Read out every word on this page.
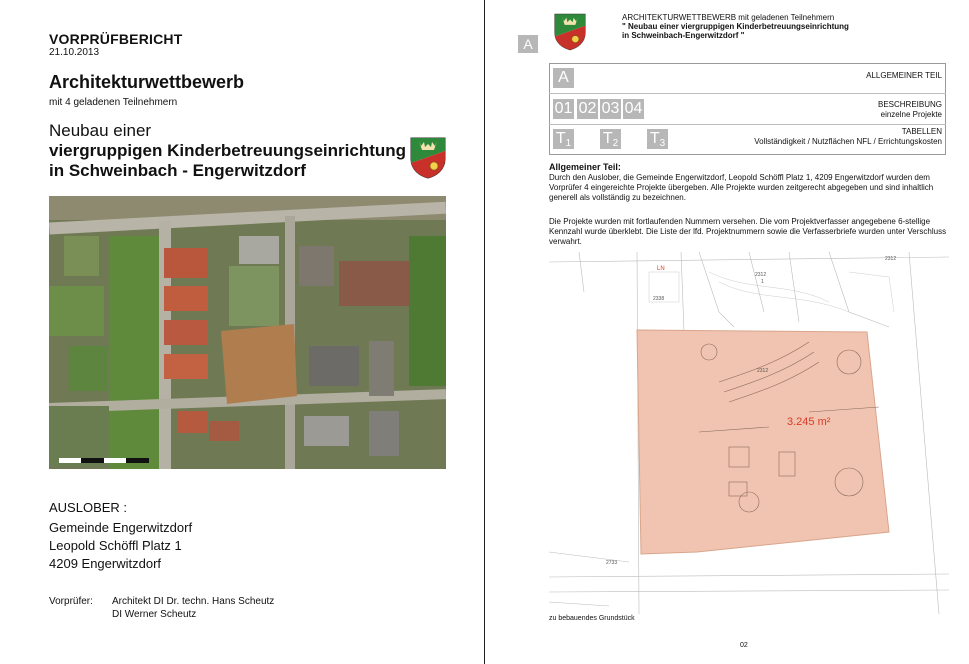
VORPRÜFBERICHT
21.10.2013
Architekturwettbewerb
mit 4 geladenen Teilnehmern
Neubau einer
viergruppigen Kinderbetreuungseinrichtung
in Schweinbach - Engerwitzdorf
AUSLOBER :
Gemeinde Engerwitzdorf
Leopold Schöffl Platz 1
4209 Engerwitzdorf
Vorprüfer: Architekt DI Dr. techn. Hans Scheutz
DI Werner Scheutz
A
ARCHITEKTURWETTBEWERB mit geladenen Teilnehmern
" Neubau einer viergruppigen Kinderbetreuungseinrichtung
in Schweinbach-Engerwitzdorf "
A
01 02 03 04
$T_1$ $T_2$ $T_3$
ALLGEMEINER TEIL
BESCHREIBUNG
einzelne Projekte
TABELLEN
Vollständigkeit / Nutzflächen NFL / Errichtungskosten
Allgemeiner Teil:
Durch den Auslober, die Gemeinde Engerwitzdorf, Leopold Schöffl Platz 1, 4209 Engerwitzdorf wurden dem Vorprüfer 4 eingereichte Projekte übergeben. Alle Projekte wurden zeitgerecht abgegeben und sind inhaltlich generell als vollständig zu bezeichnen.
Die Projekte wurden mit fortlaufenden Nummern versehen. Die vom Projektverfasser angegebene 6-stellige Kennzahl wurde überklebt. Die Liste der lfd. Projektnummern sowie die Verfasserbriefe wurden unter Verschluss verwahrt.
3.245 m²
LN
2312
1
2338
2312
2733
2312
zu bebauendes Grundstück
02
